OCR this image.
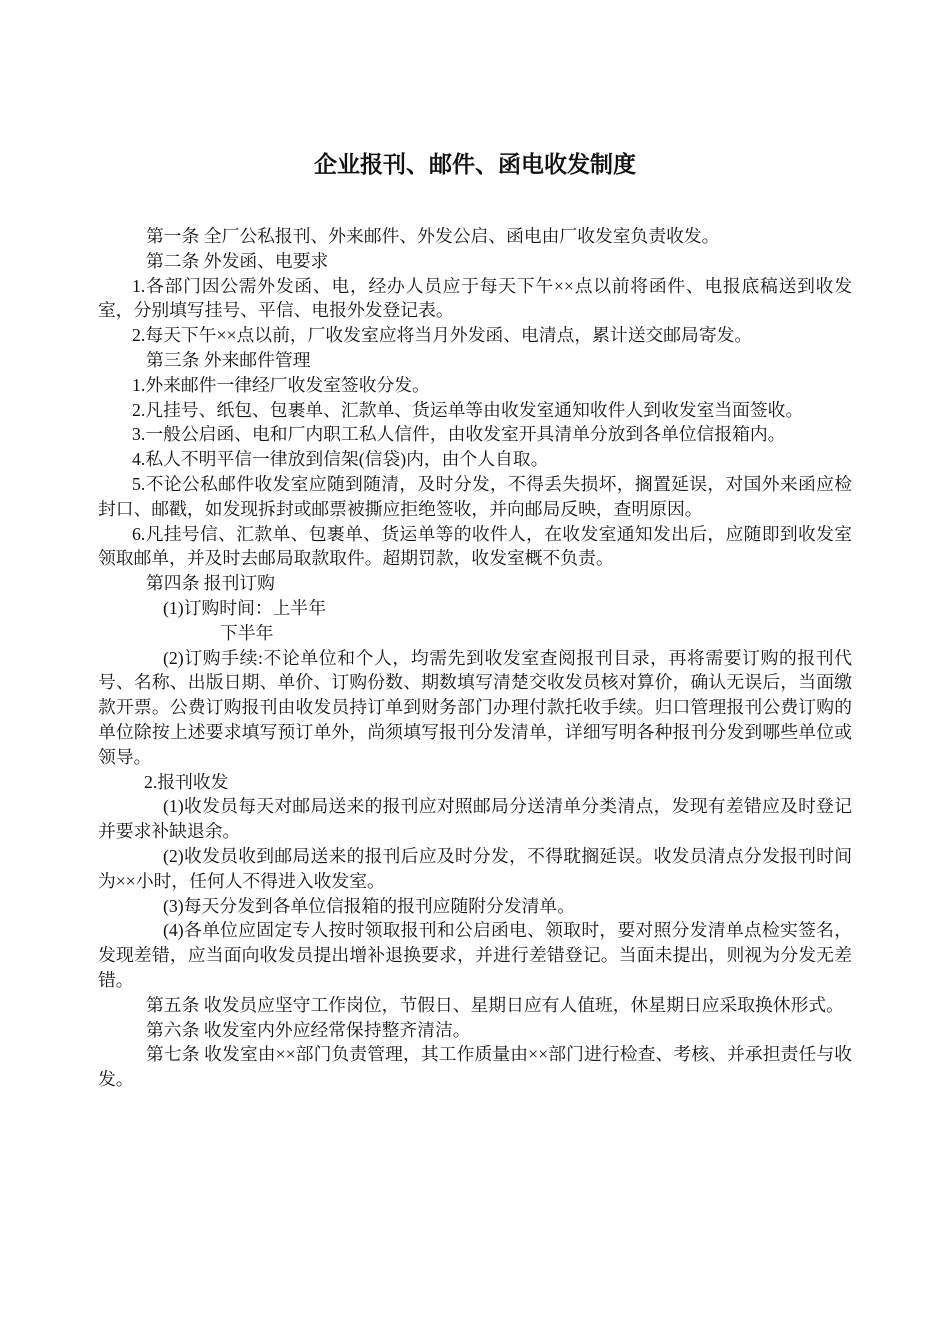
企业报刊、邮件、函电收发制度

第一条 全厂公私报刊、外来邮件、外发公启、函电由厂收发室负责收发。

第二条 外发函、电要求

1.各部门因公需外发函、电，经办人员应于每天下午××点以前将函件、电报底稿送到收发室，分别填写挂号、平信、电报外发登记表。

2.每天下午××点以前，厂收发室应将当月外发函、电清点，累计送交邮局寄发。

第三条 外来邮件管理

1.外来邮件一律经厂收发室签收分发。

2.凡挂号、纸包、包裹单、汇款单、货运单等由收发室通知收件人到收发室当面签收。

3.一般公启函、电和厂内职工私人信件，由收发室开具清单分放到各单位信报箱内。

4.私人不明平信一律放到信架(信袋)内，由个人自取。

5.不论公私邮件收发室应随到随清，及时分发，不得丢失损坏，搁置延误，对国外来函应检封口、邮戳，如发现拆封或邮票被撕应拒绝签收，并向邮局反映，查明原因。

6.凡挂号信、汇款单、包裹单、货运单等的收件人，在收发室通知发出后，应随即到收发室领取邮单，并及时去邮局取款取件。超期罚款，收发室概不负责。

第四条 报刊订购

(1)订购时间：上半年

下半年

(2)订购手续:不论单位和个人，均需先到收发室查阅报刊目录，再将需要订购的报刊代号、名称、出版日期、单价、订购份数、期数填写清楚交收发员核对算价，确认无误后，当面缴款开票。公费订购报刊由收发员持订单到财务部门办理付款托收手续。归口管理报刊公费订购的单位除按上述要求填写预订单外，尚须填写报刊分发清单，详细写明各种报刊分发到哪些单位或领导。

2.报刊收发

(1)收发员每天对邮局送来的报刊应对照邮局分送清单分类清点，发现有差错应及时登记并要求补缺退余。

(2)收发员收到邮局送来的报刊后应及时分发，不得耽搁延误。收发员清点分发报刊时间为××小时，任何人不得进入收发室。

(3)每天分发到各单位信报箱的报刊应随附分发清单。

(4)各单位应固定专人按时领取报刊和公启函电、领取时，要对照分发清单点检实签名，发现差错，应当面向收发员提出增补退换要求，并进行差错登记。当面未提出，则视为分发无差错。

第五条 收发员应坚守工作岗位，节假日、星期日应有人值班，休星期日应采取换休形式。

第六条 收发室内外应经常保持整齐清洁。

第七条 收发室由××部门负责管理，其工作质量由××部门进行检查、考核、并承担责任与收发。
